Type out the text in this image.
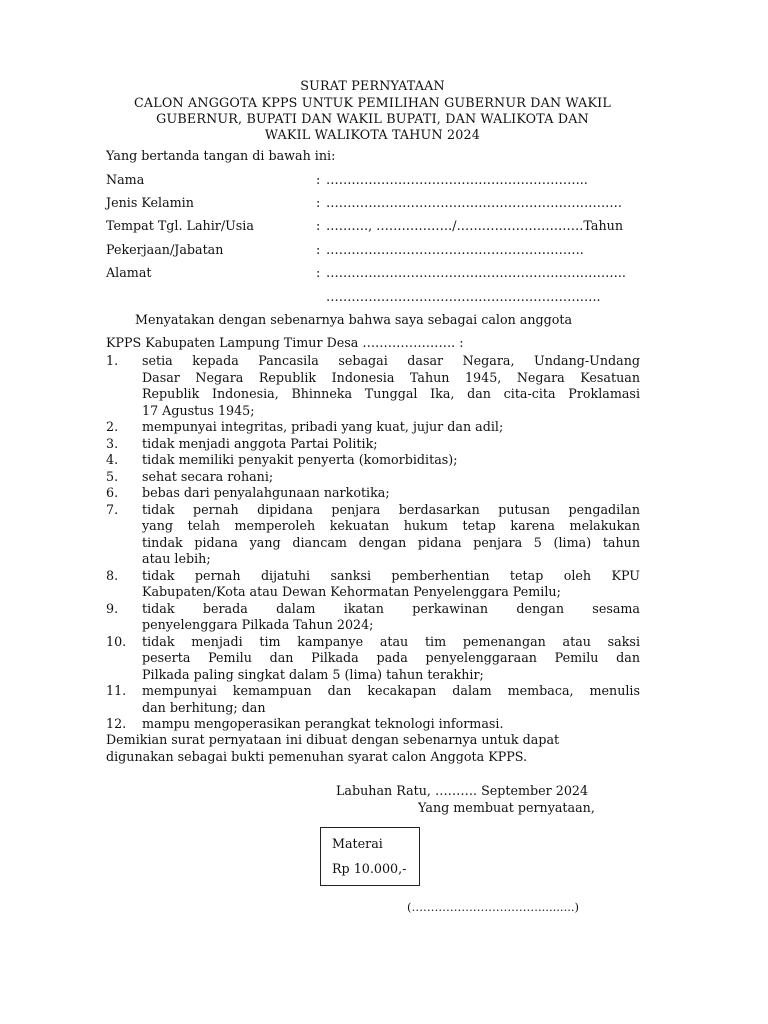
SURAT PERNYATAAN
CALON ANGGOTA KPPS UNTUK PEMILIHAN GUBERNUR DAN WAKIL
GUBERNUR, BUPATI DAN WAKIL BUPATI, DAN WALIKOTA DAN
WAKIL WALIKOTA TAHUN 2024
Yang bertanda tangan di bawah ini:
Nama	: ……………………………………………………..
Jenis Kelamin	: …………………………………………………………….
Tempat Tgl. Lahir/Usia	: ………., ………………/…………………………Tahun
Pekerjaan/Jabatan	: …………………………………………………….
Alamat	: ……………………………………………………………..
………………………………………………………..
Menyatakan dengan sebenarnya bahwa saya sebagai calon anggota
KPPS Kabupaten Lampung Timur Desa …………………. :
1.	setia kepada Pancasila sebagai dasar Negara, Undang-Undang
Dasar Negara Republik Indonesia Tahun 1945, Negara Kesatuan
Republik Indonesia, Bhinneka Tunggal Ika, dan cita-cita Proklamasi
17 Agustus 1945;
2.	mempunyai integritas, pribadi yang kuat, jujur dan adil;
3.	tidak menjadi anggota Partai Politik;
4.	tidak memiliki penyakit penyerta (komorbiditas);
5.	sehat secara rohani;
6.	bebas dari penyalahgunaan narkotika;
7.	tidak pernah dipidana penjara berdasarkan putusan pengadilan
yang telah memperoleh kekuatan hukum tetap karena melakukan
tindak pidana yang diancam dengan pidana penjara 5 (lima) tahun
atau lebih;
8.	tidak pernah dijatuhi sanksi pemberhentian tetap oleh KPU
Kabupaten/Kota atau Dewan Kehormatan Penyelenggara Pemilu;
9.	tidak berada dalam ikatan perkawinan dengan sesama
penyelenggara Pilkada Tahun 2024;
10.	tidak menjadi tim kampanye atau tim pemenangan atau saksi
peserta Pemilu dan Pilkada pada penyelenggaraan Pemilu dan
Pilkada paling singkat dalam 5 (lima) tahun terakhir;
11.	mempunyai kemampuan dan kecakapan dalam membaca, menulis
dan berhitung; dan
12.	mampu mengoperasikan perangkat teknologi informasi.
Demikian surat pernyataan ini dibuat dengan sebenarnya untuk dapat
digunakan sebagai bukti pemenuhan syarat calon Anggota KPPS.
Labuhan Ratu, ………. September 2024
Yang membuat pernyataan,
Materai
Rp 10.000,-
(……………………………..........)
